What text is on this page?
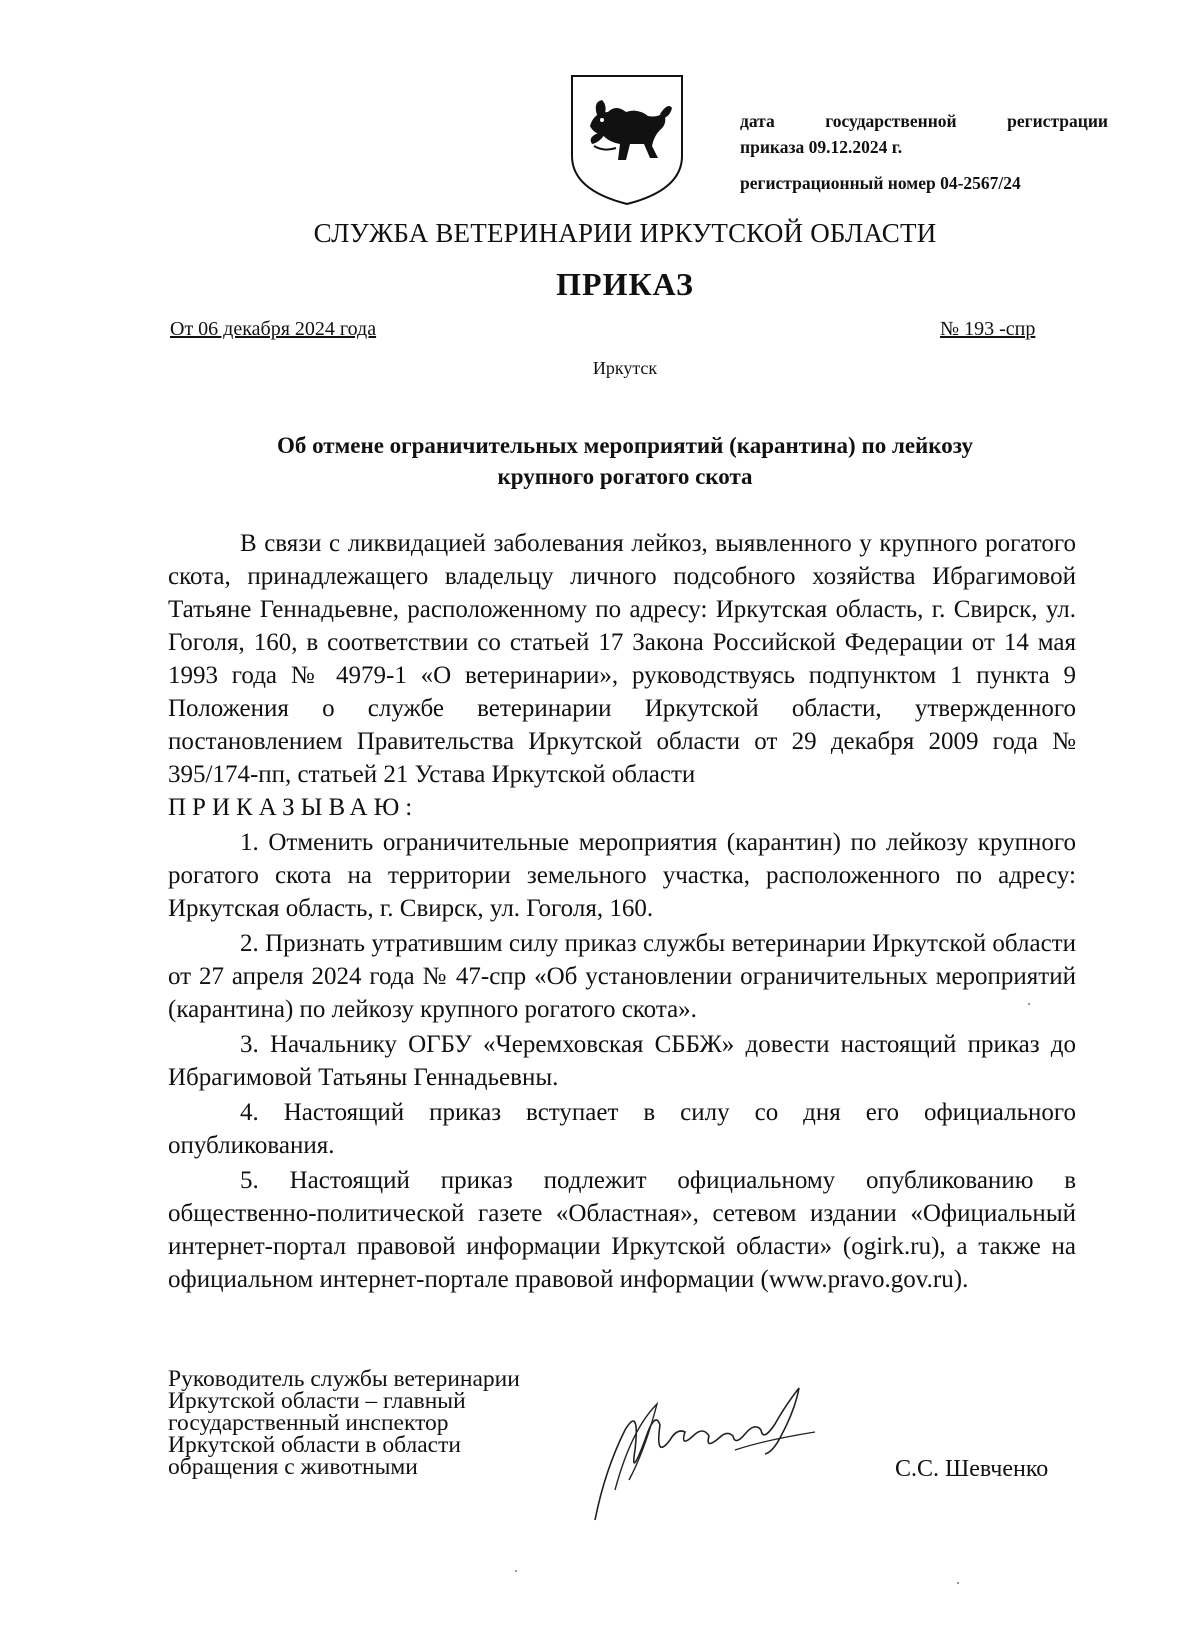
дата	государственной	регистрации
приказа 09.12.2024 г.
регистрационный номер 04-2567/24
СЛУЖБА ВЕТЕРИНАРИИ ИРКУТСКОЙ ОБЛАСТИ
ПРИКАЗ
От 06 декабря 2024 года	№ 193 -спр
Иркутск
Об отмене ограничительных мероприятий (карантина) по лейкозу
крупного рогатого скота

В связи с ликвидацией заболевания лейкоз, выявленного у крупного рогатого скота, принадлежащего владельцу личного подсобного хозяйства Ибрагимовой Татьяне Геннадьевне, расположенному по адресу: Иркутская область, г. Свирск, ул. Гоголя, 160, в соответствии со статьей 17 Закона Российской Федерации от 14 мая 1993 года № 4979-1 «О ветеринарии», руководствуясь подпунктом 1 пункта 9 Положения о службе ветеринарии Иркутской области, утвержденного постановлением Правительства Иркутской области от 29 декабря 2009 года № 395/174-пп, статьей 21 Устава Иркутской области

ПРИКАЗЫВАЮ:

1. Отменить ограничительные мероприятия (карантин) по лейкозу крупного рогатого скота на территории земельного участка, расположенного по адресу: Иркутская область, г. Свирск, ул. Гоголя, 160.

2. Признать утратившим силу приказ службы ветеринарии Иркутской области от 27 апреля 2024 года № 47-спр «Об установлении ограничительных мероприятий (карантина) по лейкозу крупного рогатого скота».

3. Начальнику ОГБУ «Черемховская СББЖ» довести настоящий приказ до Ибрагимовой Татьяны Геннадьевны.

4. Настоящий приказ вступает в силу со дня его официального опубликования.

5. Настоящий приказ подлежит официальному опубликованию в общественно-политической газете «Областная», сетевом издании «Официальный интернет-портал правовой информации Иркутской области» (ogirk.ru), а также на официальном интернет-портале правовой информации (www.pravo.gov.ru).

Руководитель службы ветеринарии
Иркутской области – главный
государственный инспектор
Иркутской области в области
обращения с животными	С.С. Шевченко
